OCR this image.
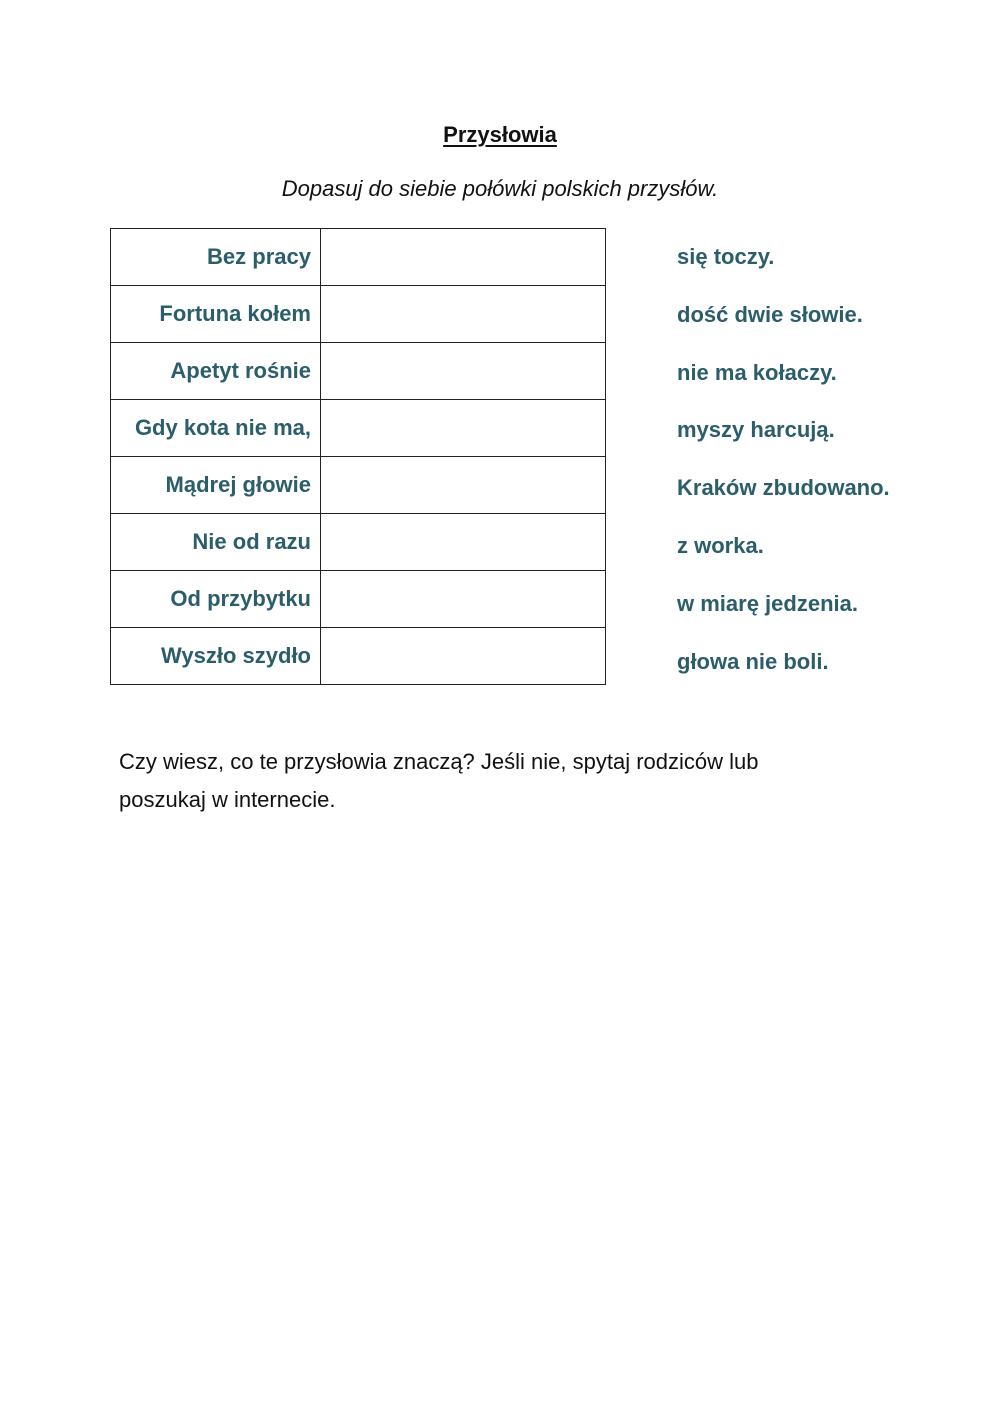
Przysłowia
Dopasuj do siebie połówki polskich przysłów.
Bez pracy	
Fortuna kołem	
Apetyt rośnie	
Gdy kota nie ma,	
Mądrej głowie	
Nie od razu	
Od przybytku	
Wyszło szydło	
się toczy.
dość dwie słowie.
nie ma kołaczy.
myszy harcują.
Kraków zbudowano.
z worka.
w miarę jedzenia.
głowa nie boli.
Czy wiesz, co te przysłowia znaczą? Jeśli nie, spytaj rodziców lub
poszukaj w internecie.
